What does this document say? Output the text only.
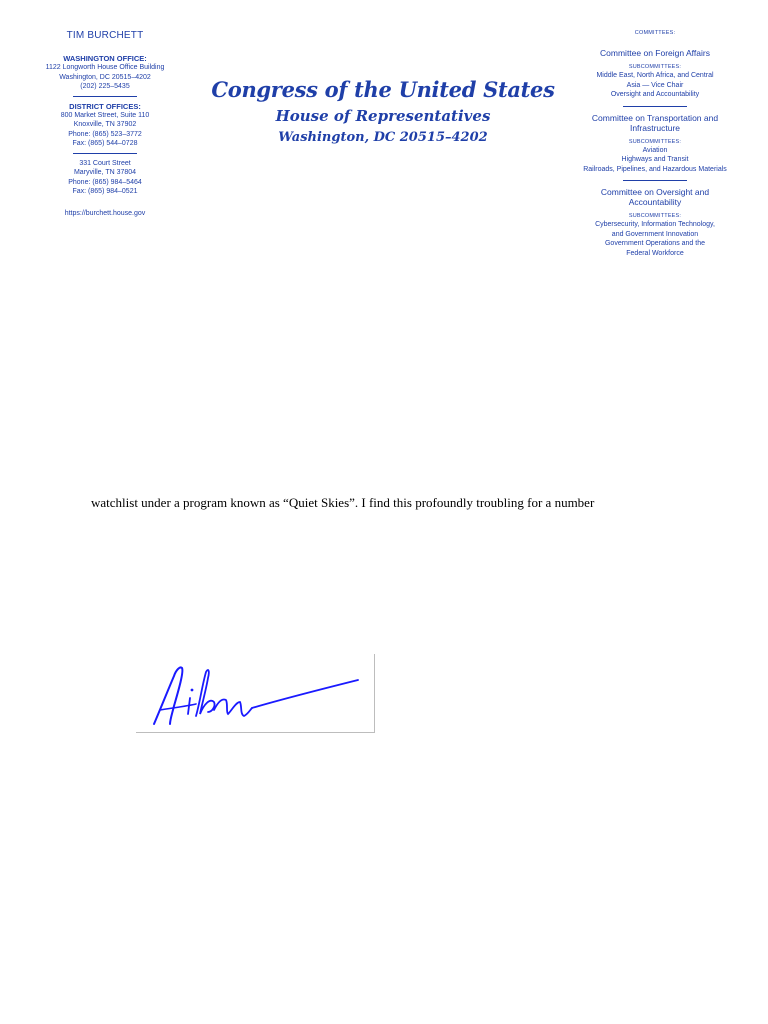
TIM BURCHETT

WASHINGTON OFFICE:

1122 Longworth House Office Building

Washington, DC 20515–4202

(202) 225–5435

DISTRICT OFFICES:

800 Market Street, Suite 110

Knoxville, TN 37902

Phone: (865) 523–3772

Fax: (865) 544–0728

331 Court Street

Maryville, TN 37804

Phone: (865) 984–5464

Fax: (865) 984–0521

https://burchett.house.gov

Congress of the United States

House of Representatives

Washington, DC 20515–4202

COMMITTEES:

Committee on Foreign Affairs

SUBCOMMITTEES:

Middle East, North Africa, and Central

Asia — Vice Chair

Oversight and Accountability

Committee on Transportation and

Infrastructure

SUBCOMMITTEES:

Aviation

Highways and Transit

Railroads, Pipelines, and Hazardous Materials

Committee on Oversight and

Accountability

SUBCOMMITTEES:

Cybersecurity, Information Technology,

and Government Innovation

Government Operations and the

Federal Workforce

watchlist under a program known as “Quiet Skies”. I find this profoundly troubling for a number
